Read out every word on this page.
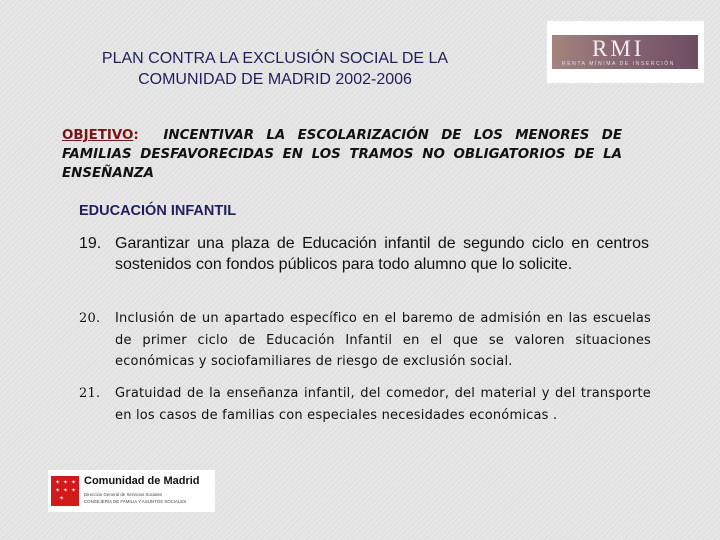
PLAN CONTRA LA EXCLUSIÓN SOCIAL DE LA
COMUNIDAD DE MADRID 2002-2006
RMI
RENTA MÍNIMA DE INSERCIÓN
OBJETIVO: INCENTIVAR LA ESCOLARIZACIÓN DE LOS MENORES DE FAMILIAS DESFAVORECIDAS EN LOS TRAMOS NO OBLIGATORIOS DE LA ENSEÑANZA
EDUCACIÓN INFANTIL
19. Garantizar una plaza de Educación infantil de segundo ciclo en centros sostenidos con fondos públicos para todo alumno que lo solicite.
20. Inclusión de un apartado específico en el baremo de admisión en las escuelas de primer ciclo de Educación Infantil en el que se valoren situaciones económicas y sociofamiliares de riesgo de exclusión social.
21. Gratuidad de la enseñanza infantil, del comedor, del material y del transporte en los casos de familias con especiales necesidades económicas .
✦ ✦ ✦
✦ ✦ ✦
✦
Comunidad de Madrid
Dirección General de Servicios Sociales
CONSEJERÍA DE FAMILIA Y ASUNTOS SOCIALES
